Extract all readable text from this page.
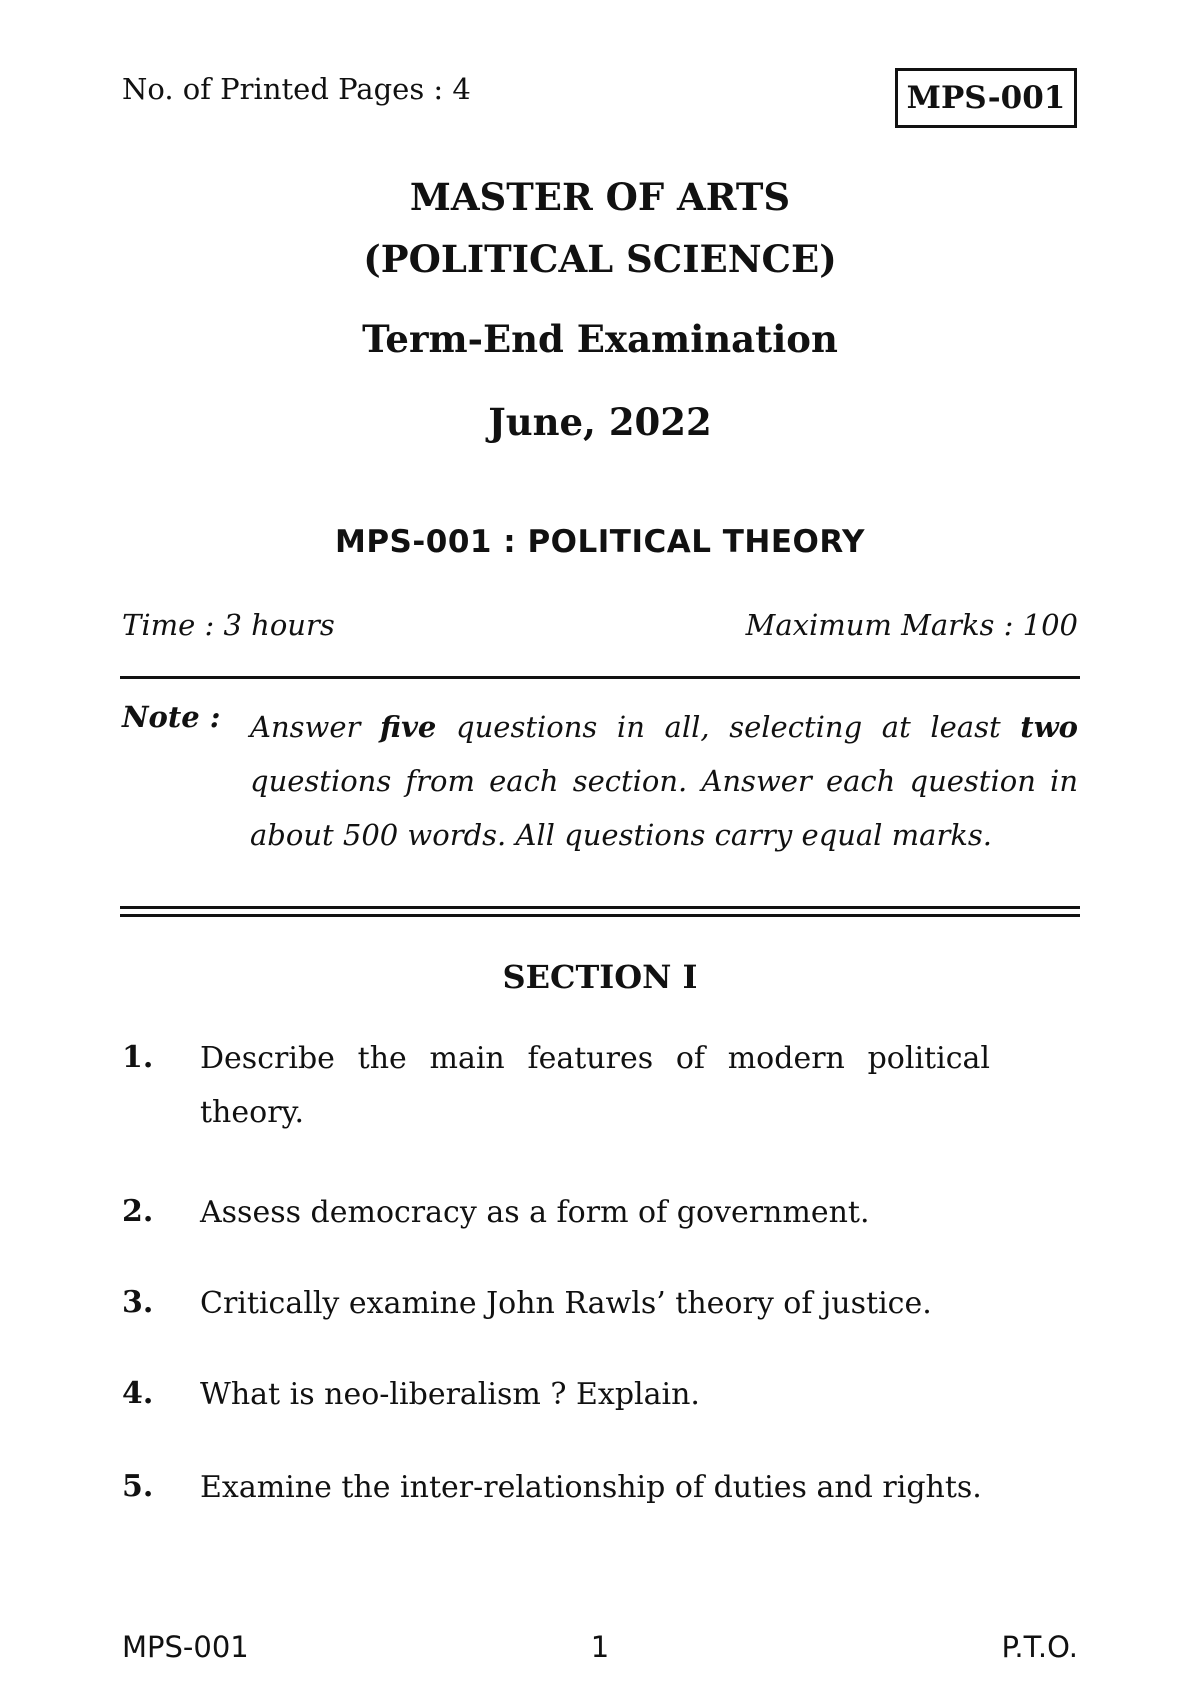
No. of Printed Pages : 4	MPS-001
MASTER OF ARTS
(POLITICAL SCIENCE)
Term-End Examination
June, 2022
MPS-001 : POLITICAL THEORY
Time : 3 hours	Maximum Marks : 100
Note : Answer five questions in all, selecting at least two questions from each section. Answer each question in about 500 words. All questions carry equal marks.
SECTION I
1. Describe the main features of modern political theory.
2. Assess democracy as a form of government.
3. Critically examine John Rawls’ theory of justice.
4. What is neo-liberalism ? Explain.
5. Examine the inter-relationship of duties and rights.
MPS-001	1	P.T.O.
